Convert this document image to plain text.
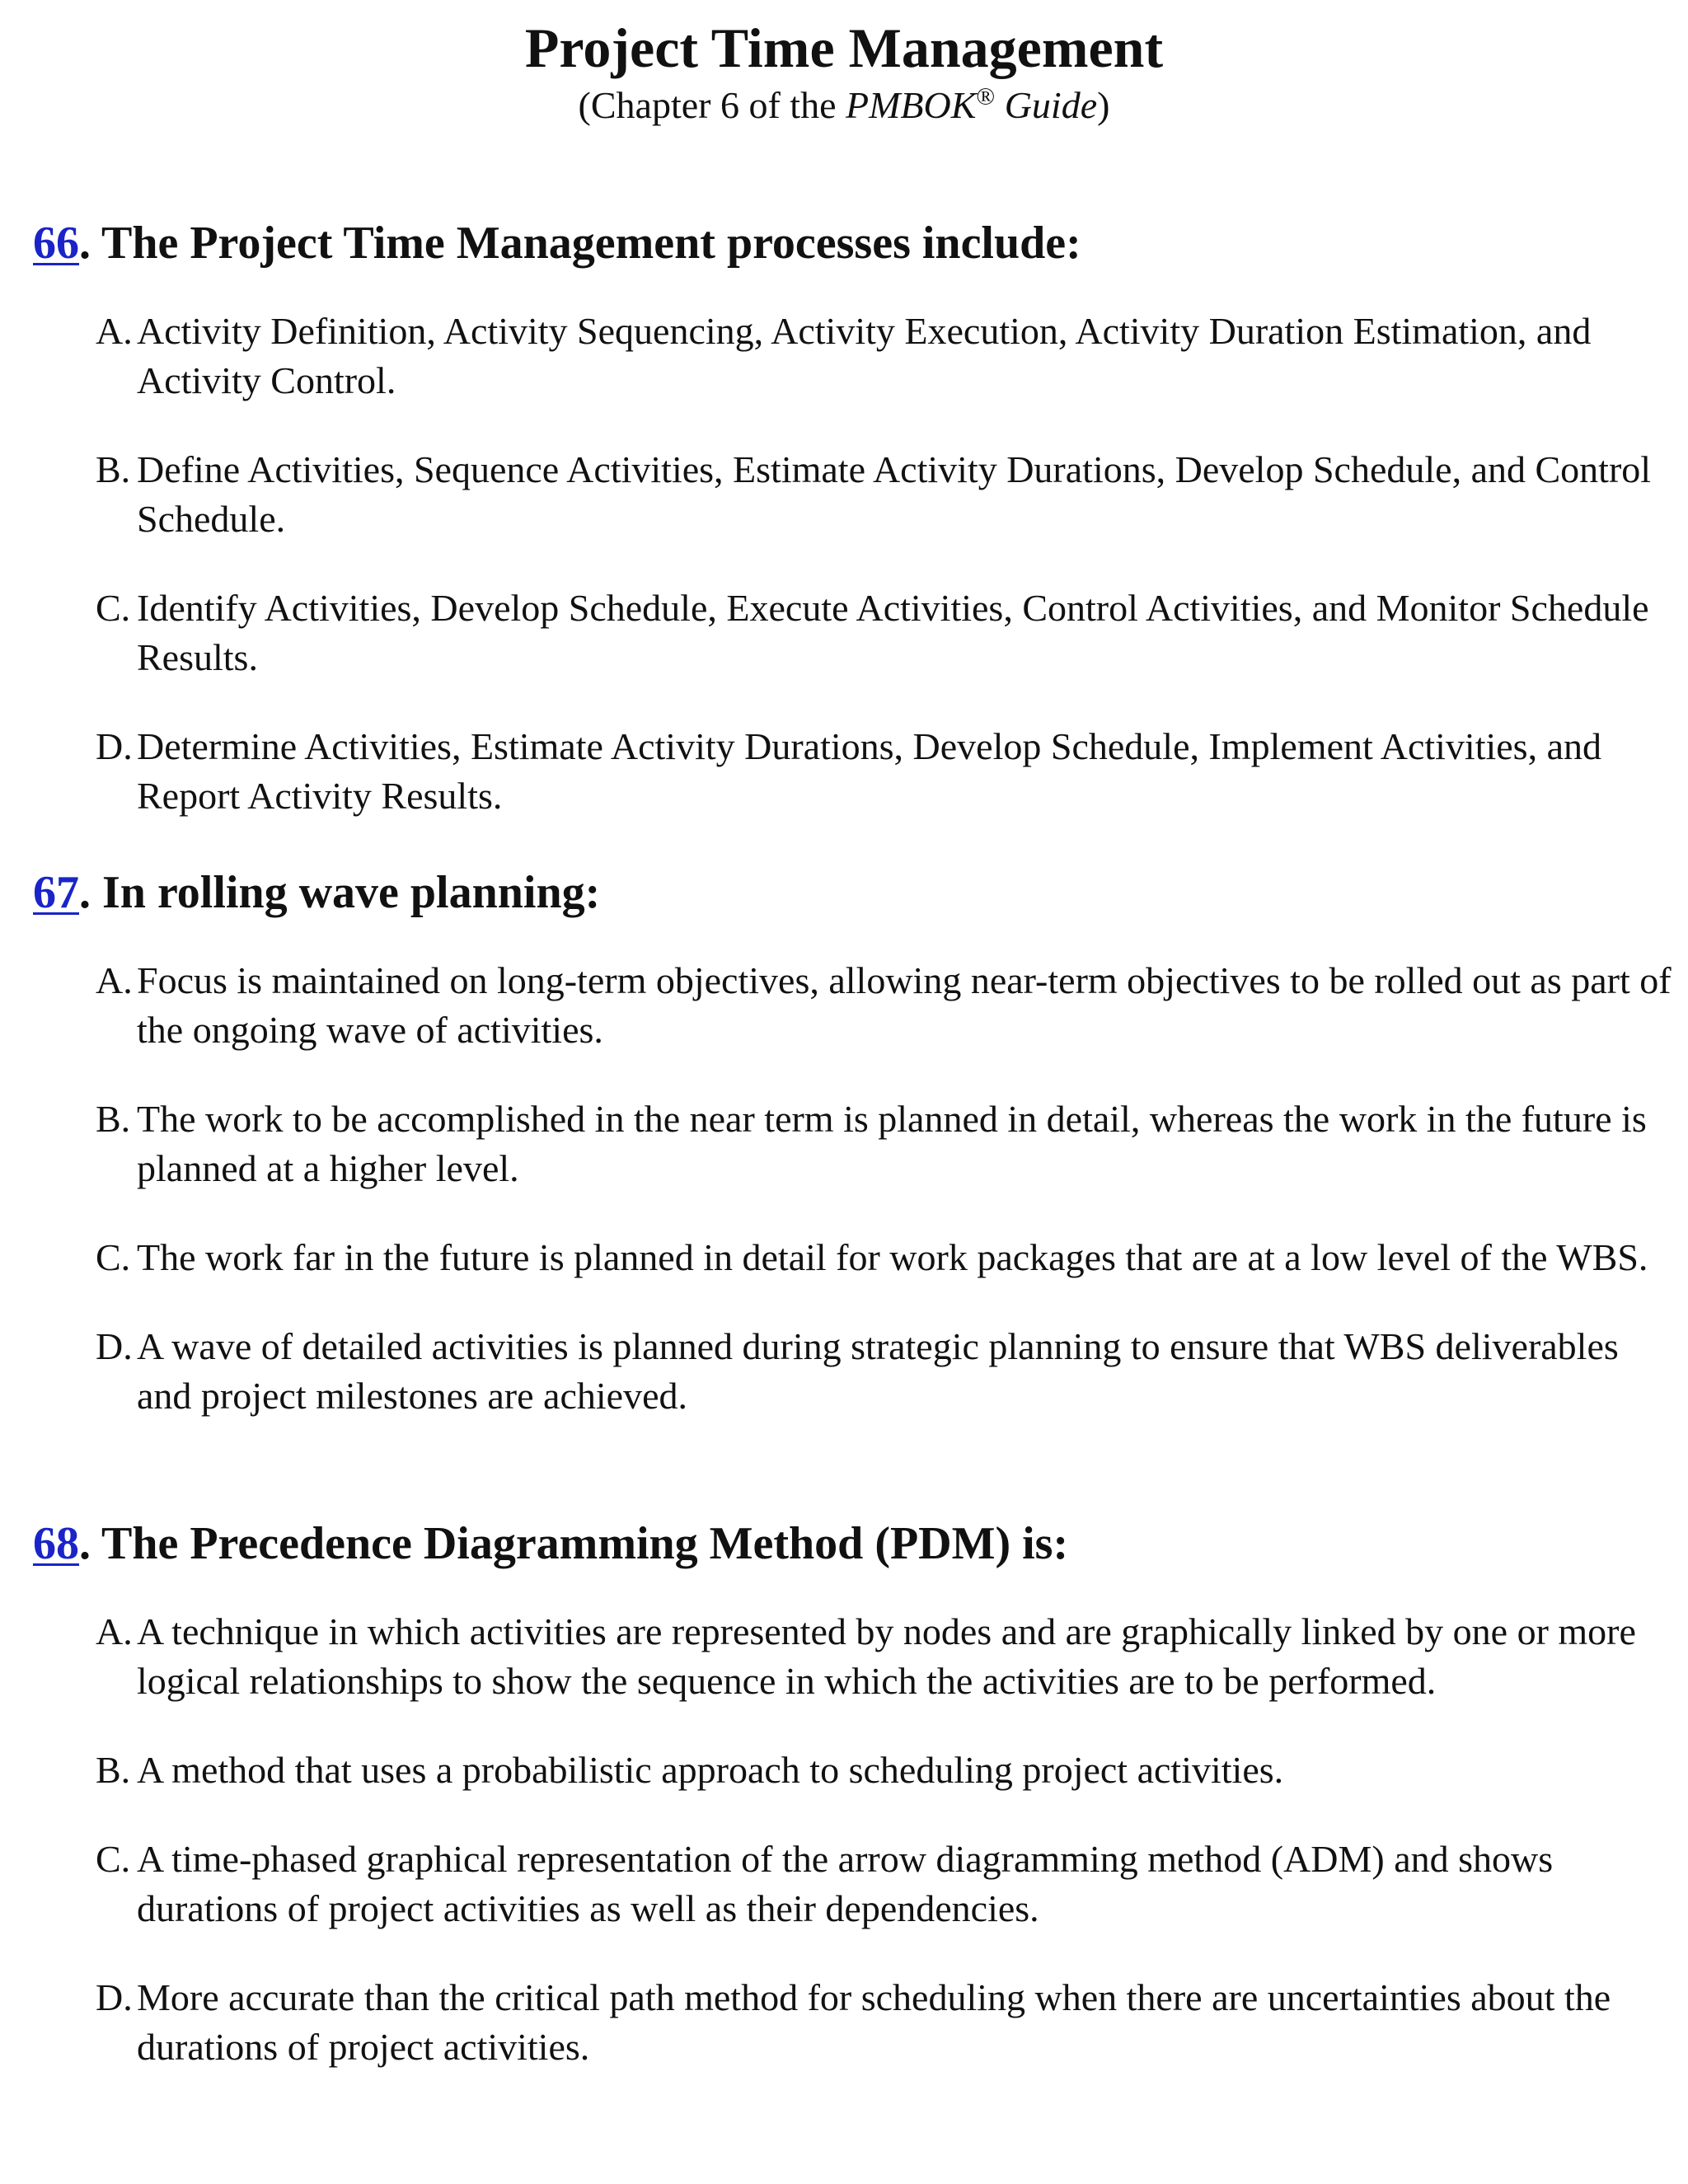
Project Time Management

(Chapter 6 of the PMBOK® Guide)

66. The Project Time Management processes include:

A. Activity Definition, Activity Sequencing, Activity Execution, Activity Duration Estimation, and Activity Control.
B. Define Activities, Sequence Activities, Estimate Activity Durations, Develop Schedule, and Control Schedule.
C. Identify Activities, Develop Schedule, Execute Activities, Control Activities, and Monitor Schedule Results.
D. Determine Activities, Estimate Activity Durations, Develop Schedule, Implement Activities, and Report Activity Results.

67. In rolling wave planning:

A. Focus is maintained on long-term objectives, allowing near-term objectives to be rolled out as part of the ongoing wave of activities.
B. The work to be accomplished in the near term is planned in detail, whereas the work in the future is planned at a higher level.
C. The work far in the future is planned in detail for work packages that are at a low level of the WBS.
D. A wave of detailed activities is planned during strategic planning to ensure that WBS deliverables and project milestones are achieved.

68. The Precedence Diagramming Method (PDM) is:

A. A technique in which activities are represented by nodes and are graphically linked by one or more logical relationships to show the sequence in which the activities are to be performed.
B. A method that uses a probabilistic approach to scheduling project activities.
C. A time-phased graphical representation of the arrow diagramming method (ADM) and shows durations of project activities as well as their dependencies.
D. More accurate than the critical path method for scheduling when there are uncertainties about the durations of project activities.
